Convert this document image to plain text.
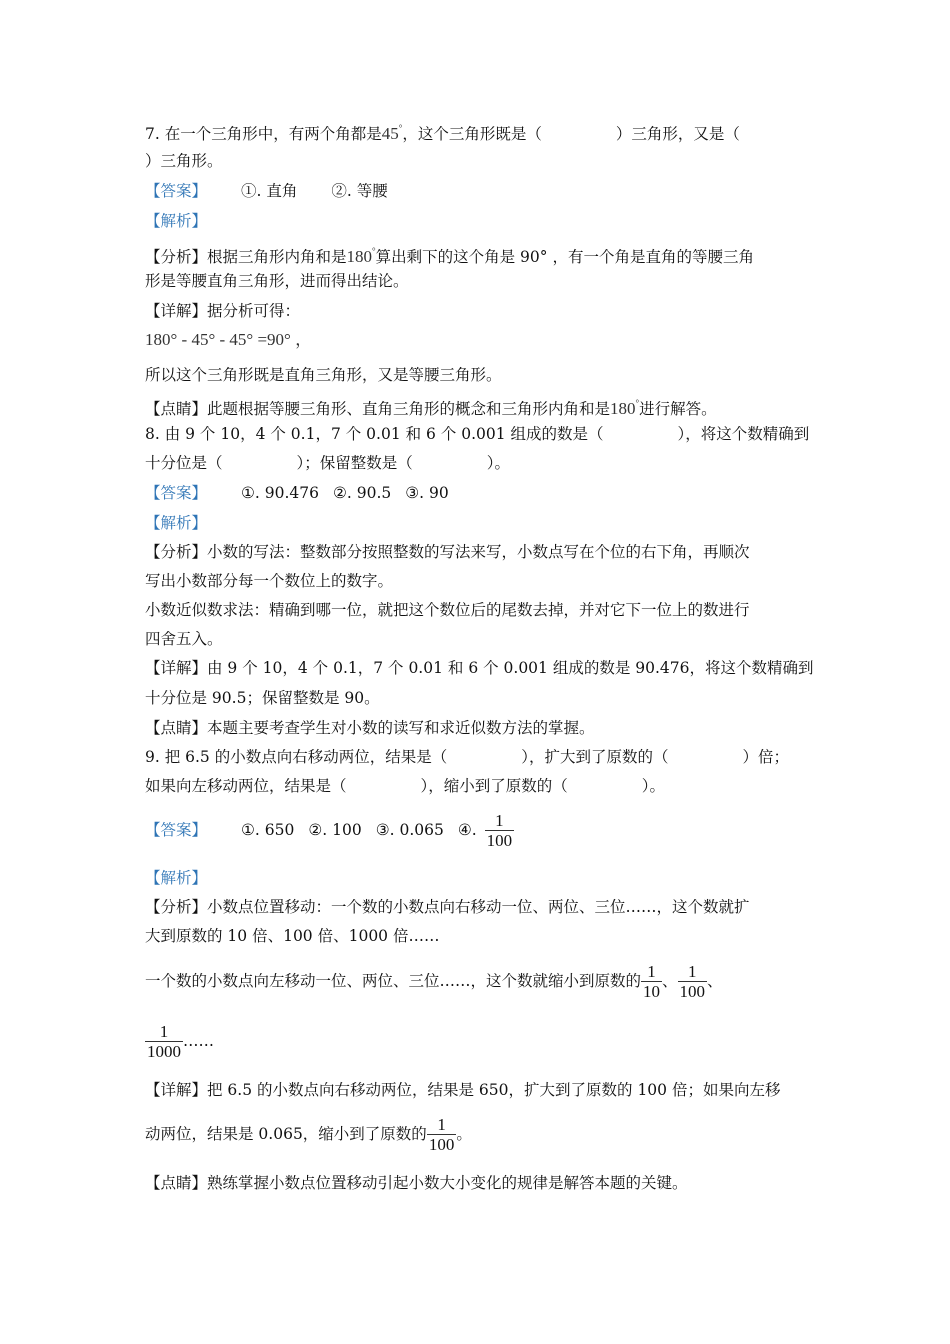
7. 在一个三角形中，有两个角都是45°，这个三角形既是（	）三角形，又是（
）三角形。
【答案】 ①. 直角 ②. 等腰
【解析】
【分析】根据三角形内角和是180°算出剩下的这个角是 90° ，有一个角是直角的等腰三角
形是等腰直角三角形，进而得出结论。
【详解】据分析可得：
180° - 45° - 45° =90° ，
所以这个三角形既是直角三角形，又是等腰三角形。
【点睛】此题根据等腰三角形、直角三角形的概念和三角形内角和是180°进行解答。
8. 由 9 个 10，4 个 0.1，7 个 0.01 和 6 个 0.001 组成的数是（	），将这个数精确到
十分位是（	）；保留整数是（	）。
【答案】 ①. 90.476 ②. 90.5 ③. 90
【解析】
【分析】小数的写法：整数部分按照整数的写法来写，小数点写在个位的右下角，再顺次
写出小数部分每一个数位上的数字。
小数近似数求法：精确到哪一位，就把这个数位后的尾数去掉，并对它下一位上的数进行
四舍五入。
【详解】由 9 个 10，4 个 0.1，7 个 0.01 和 6 个 0.001 组成的数是 90.476，将这个数精确到
十分位是 90.5；保留整数是 90。
【点睛】本题主要考查学生对小数的读写和求近似数方法的掌握。
9. 把 6.5 的小数点向右移动两位，结果是（	），扩大到了原数的（	）倍；
如果向左移动两位，结果是（	），缩小到了原数的（	）。
【答案】 ①. 650 ②. 100 ③. 0.065 ④. $\frac{1}{100}$
【解析】
【分析】小数点位置移动：一个数的小数点向右移动一位、两位、三位……，这个数就扩
大到原数的 10 倍、100 倍、1000 倍……
一个数的小数点向左移动一位、两位、三位……，这个数就缩小到原数的 $\frac{1}{10}$ 、 $\frac{1}{100}$ 、
$\frac{1}{1000}$ ……
【详解】把 6.5 的小数点向右移动两位，结果是 650，扩大到了原数的 100 倍；如果向左移
动两位，结果是 0.065，缩小到了原数的 $\frac{1}{100}$ 。
【点睛】熟练掌握小数点位置移动引起小数大小变化的规律是解答本题的关键。
